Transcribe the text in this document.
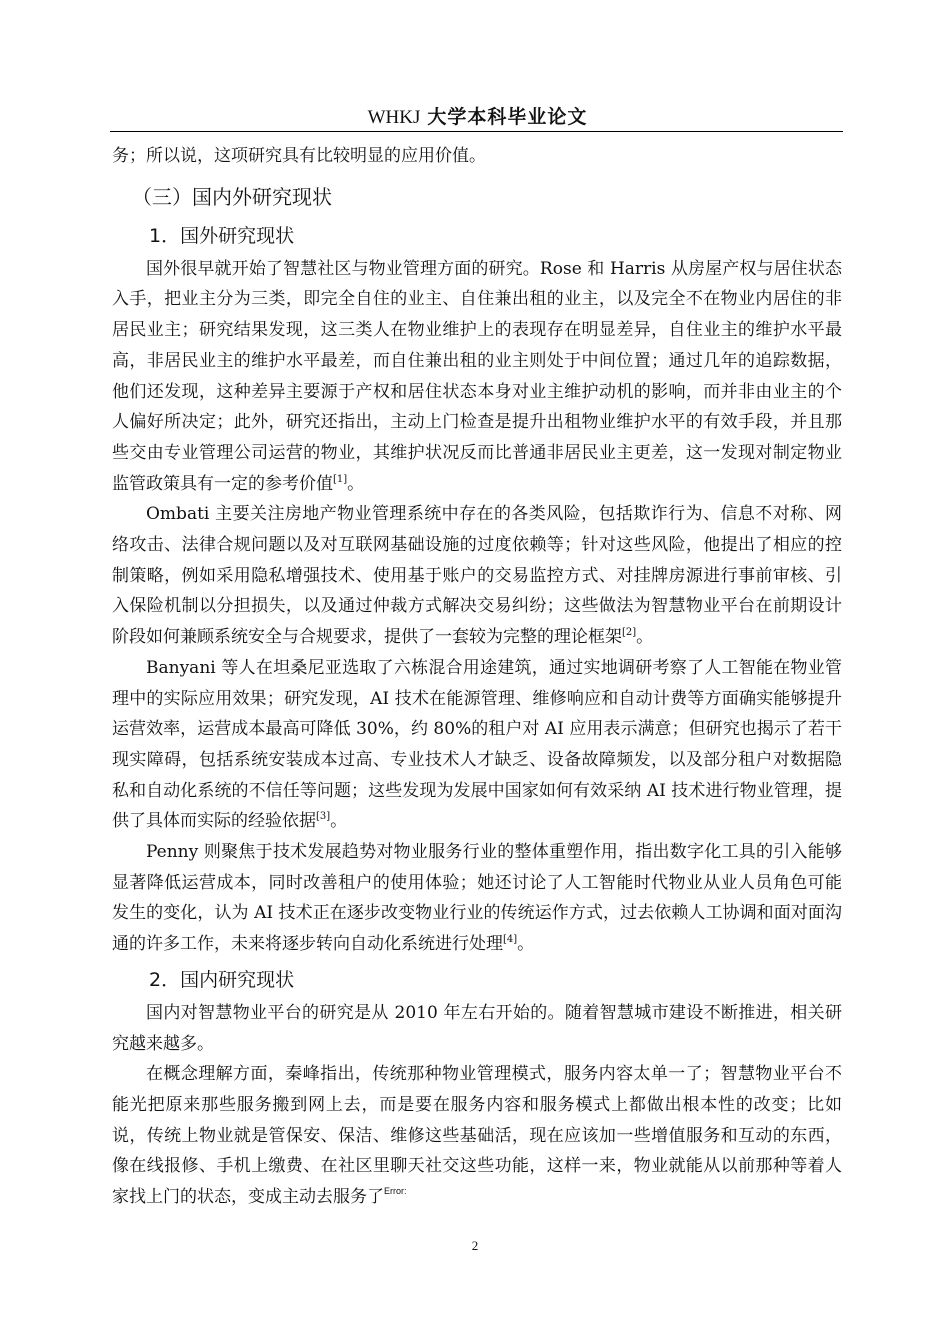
WHKJ 大学本科毕业论文

务；所以说，这项研究具有比较明显的应用价值。

（三）国内外研究现状
1．国外研究现状

国外很早就开始了智慧社区与物业管理方面的研究。Rose 和 Harris 从房屋产权与居住状态入手，把业主分为三类，即完全自住的业主、自住兼出租的业主，以及完全不在物业内居住的非居民业主；研究结果发现，这三类人在物业维护上的表现存在明显差异，自住业主的维护水平最高，非居民业主的维护水平最差，而自住兼出租的业主则处于中间位置；通过几年的追踪数据，他们还发现，这种差异主要源于产权和居住状态本身对业主维护动机的影响，而并非由业主的个人偏好所决定；此外，研究还指出，主动上门检查是提升出租物业维护水平的有效手段，并且那些交由专业管理公司运营的物业，其维护状况反而比普通非居民业主更差，这一发现对制定物业监管政策具有一定的参考价值[1]。

Ombati 主要关注房地产物业管理系统中存在的各类风险，包括欺诈行为、信息不对称、网络攻击、法律合规问题以及对互联网基础设施的过度依赖等；针对这些风险，他提出了相应的控制策略，例如采用隐私增强技术、使用基于账户的交易监控方式、对挂牌房源进行事前审核、引入保险机制以分担损失，以及通过仲裁方式解决交易纠纷；这些做法为智慧物业平台在前期设计阶段如何兼顾系统安全与合规要求，提供了一套较为完整的理论框架[2]。

Banyani 等人在坦桑尼亚选取了六栋混合用途建筑，通过实地调研考察了人工智能在物业管理中的实际应用效果；研究发现，AI 技术在能源管理、维修响应和自动计费等方面确实能够提升运营效率，运营成本最高可降低 30%，约 80%的租户对 AI 应用表示满意；但研究也揭示了若干现实障碍，包括系统安装成本过高、专业技术人才缺乏、设备故障频发，以及部分租户对数据隐私和自动化系统的不信任等问题；这些发现为发展中国家如何有效采纳 AI 技术进行物业管理，提供了具体而实际的经验依据[3]。

Penny 则聚焦于技术发展趋势对物业服务行业的整体重塑作用，指出数字化工具的引入能够显著降低运营成本，同时改善租户的使用体验；她还讨论了人工智能时代物业从业人员角色可能发生的变化，认为 AI 技术正在逐步改变物业行业的传统运作方式，过去依赖人工协调和面对面沟通的许多工作，未来将逐步转向自动化系统进行处理[4]。

2．国内研究现状

国内对智慧物业平台的研究是从 2010 年左右开始的。随着智慧城市建设不断推进，相关研究越来越多。

在概念理解方面，秦峰指出，传统那种物业管理模式，服务内容太单一了；智慧物业平台不能光把原来那些服务搬到网上去，而是要在服务内容和服务模式上都做出根本性的改变；比如说，传统上物业就是管保安、保洁、维修这些基础活，现在应该加一些增值服务和互动的东西，像在线报修、手机上缴费、在社区里聊天社交这些功能，这样一来，物业就能从以前那种等着人家找上门的状态，变成主动去服务了$^{Error:}$

2
